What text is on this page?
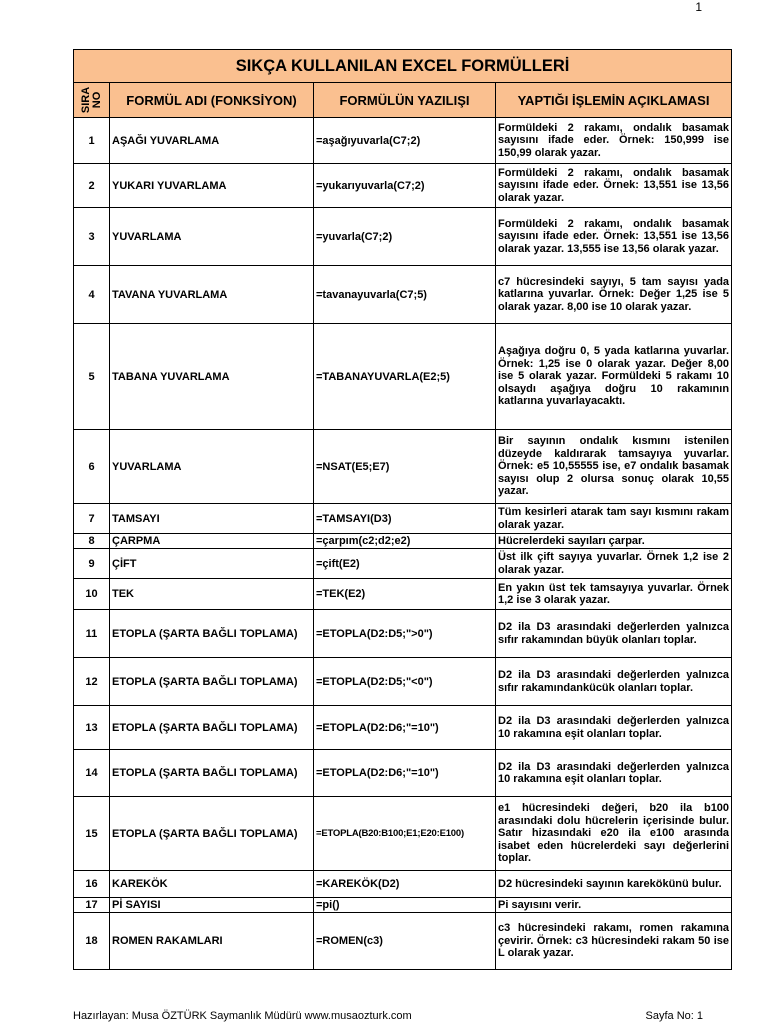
1
SIKÇA KULLANILAN EXCEL FORMÜLLERİ			

SIRA
NO	FORMÜL ADI (FONKSİYON)	FORMÜLÜN YAZILIŞI	YAPTIĞI İŞLEMİN AÇIKLAMASI
1	AŞAĞI YUVARLAMA	=aşağıyuvarla(C7;2)	Formüldeki 2 rakamı, ondalık basamak sayısını ifade eder. Örnek: 150,999 ise 150,99 olarak yazar.
2	YUKARI YUVARLAMA	=yukarıyuvarla(C7;2)	Formüldeki 2 rakamı, ondalık basamak sayısını ifade eder. Örnek: 13,551 ise 13,56 olarak yazar.
3	YUVARLAMA	=yuvarla(C7;2)	Formüldeki 2 rakamı, ondalık basamak sayısını ifade eder. Örnek: 13,551 ise 13,56 olarak yazar. 13,555 ise 13,56 olarak yazar.
4	TAVANA YUVARLAMA	=tavanayuvarla(C7;5)	c7 hücresindeki sayıyı, 5 tam sayısı yada katlarına yuvarlar. Örnek: Değer 1,25 ise 5 olarak yazar. 8,00 ise 10 olarak yazar.
5	TABANA YUVARLAMA	=TABANAYUVARLA(E2;5)	Aşağıya doğru 0, 5 yada katlarına yuvarlar. Örnek: 1,25 ise 0 olarak yazar. Değer 8,00 ise 5 olarak yazar. Formüldeki 5 rakamı 10 olsaydı aşağıya doğru 10 rakamının katlarına yuvarlayacaktı.
6	YUVARLAMA	=NSAT(E5;E7)	Bir sayının ondalık kısmını istenilen düzeyde kaldırarak tamsayıya yuvarlar. Örnek: e5 10,55555 ise, e7 ondalık basamak sayısı olup 2 olursa sonuç olarak 10,55 yazar.
7	TAMSAYI	=TAMSAYI(D3)	Tüm kesirleri atarak tam sayı kısmını rakam olarak yazar.
8	ÇARPMA	=çarpım(c2;d2;e2)	Hücrelerdeki sayıları çarpar.
9	ÇİFT	=çift(E2)	Üst ilk çift sayıya yuvarlar. Örnek 1,2 ise 2 olarak yazar.
10	TEK	=TEK(E2)	En yakın üst tek tamsayıya yuvarlar. Örnek 1,2 ise 3 olarak yazar.
11	ETOPLA (ŞARTA BAĞLI TOPLAMA)	=ETOPLA(D2:D5;">0")	D2 ila D3 arasındaki değerlerden yalnızca sıfır rakamından büyük olanları toplar.
12	ETOPLA (ŞARTA BAĞLI TOPLAMA)	=ETOPLA(D2:D5;"<0")	D2 ila D3 arasındaki değerlerden yalnızca sıfır rakamındankücük olanları toplar.
13	ETOPLA (ŞARTA BAĞLI TOPLAMA)	=ETOPLA(D2:D6;"=10")	D2 ila D3 arasındaki değerlerden yalnızca 10 rakamına eşit olanları toplar.
14	ETOPLA (ŞARTA BAĞLI TOPLAMA)	=ETOPLA(D2:D6;"=10")	D2 ila D3 arasındaki değerlerden yalnızca 10 rakamına eşit olanları toplar.
15	ETOPLA (ŞARTA BAĞLI TOPLAMA)	=ETOPLA(B20:B100;E1;E20:E100)	e1 hücresindeki değeri, b20 ila b100 arasındaki dolu hücrelerin içerisinde bulur. Satır hizasındaki e20 ila e100 arasında isabet eden hücrelerdeki sayı değerlerini toplar.
16	KAREKÖK	=KAREKÖK(D2)	D2 hücresindeki sayının karekökünü bulur.
17	Pİ SAYISI	=pi()	Pi sayısını verir.
18	ROMEN RAKAMLARI	=ROMEN(c3)	c3 hücresindeki rakamı, romen rakamına çevirir. Örnek: c3 hücresindeki rakam 50 ise L olarak yazar.
Hazırlayan: Musa ÖZTÜRK Saymanlık Müdürü www.musaozturk.com	Sayfa No: 1
